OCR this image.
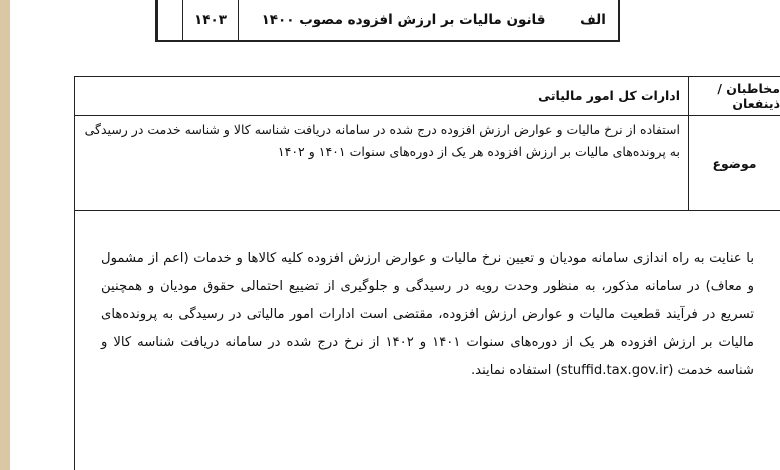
۱۴۰۳	قانون مالیات بر ارزش افزوده مصوب ۱۴۰۰	الف
مخاطبان / ذینفعان
ادارات کل امور مالیاتی
موضوع
استفاده از نرخ مالیات و عوارض ارزش افزوده درج شده در سامانه دریافت شناسه کالا و شناسه خدمت در رسیدگی به پرونده‌های مالیات بر ارزش افزوده هر یک از دوره‌های سنوات ۱۴۰۱ و ۱۴۰۲
با عنایت به راه اندازی سامانه مودیان و تعیین نرخ مالیات و عوارض ارزش افزوده کلیه کالاها و خدمات (اعم از مشمول و معاف) در سامانه مذکور، به منظور وحدت رویه در رسیدگی و جلوگیری از تضییع احتمالی حقوق مودیان و همچنین تسریع در فرآیند قطعیت مالیات و عوارض ارزش افزوده، مقتضی است ادارات امور مالیاتی در رسیدگی به پرونده‌های مالیات بر ارزش افزوده هر یک از دوره‌های سنوات ۱۴۰۱ و ۱۴۰۲ از نرخ درج شده در سامانه دریافت شناسه کالا و شناسه خدمت (stuffid.tax.gov.ir) استفاده نمایند.
